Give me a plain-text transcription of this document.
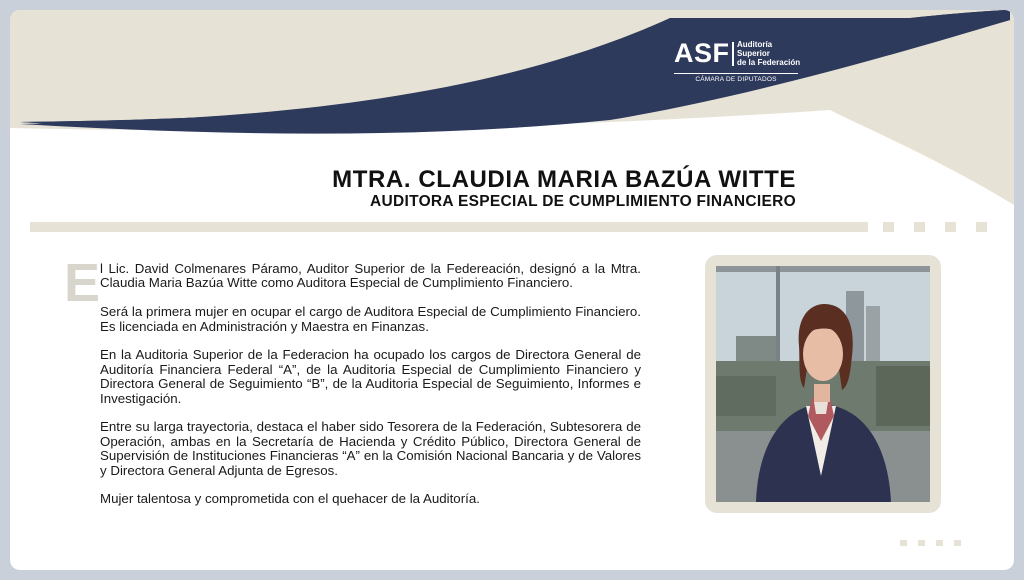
ASF Auditoría
Superior
de la Federación
CÁMARA DE DIPUTADOS
MTRA. CLAUDIA MARIA BAZÚA WITTE
AUDITORA ESPECIAL DE CUMPLIMIENTO FINANCIERO
E l Lic. David Colmenares Páramo, Auditor Superior de la Federeación, designó a la Mtra. Claudia Maria Bazúa Witte como Auditora Especial de Cumplimiento Financiero.

Será la primera mujer en ocupar el cargo de Auditora Especial de Cumplimiento Financiero. Es licenciada en Administración y Maestra en Finanzas.

En la Auditoria Superior de la Federacion ha ocupado los cargos de Directora General de Auditoría Financiera Federal “A”, de la Auditoria Especial de Cumplimiento Financiero y Directora General de Seguimiento “B”, de la Auditoria Especial de Seguimiento, Informes e Investigación.

Entre su larga trayectoria, destaca el haber sido Tesorera de la Federación, Subtesorera de Operación, ambas en la Secretaría de Hacienda y Crédito Público, Directora General de Supervisión de Instituciones Financieras “A” en la Comisión Nacional Bancaria y de Valores y Directora General Adjunta de Egresos.

Mujer talentosa y comprometida con el quehacer de la Auditoría.
